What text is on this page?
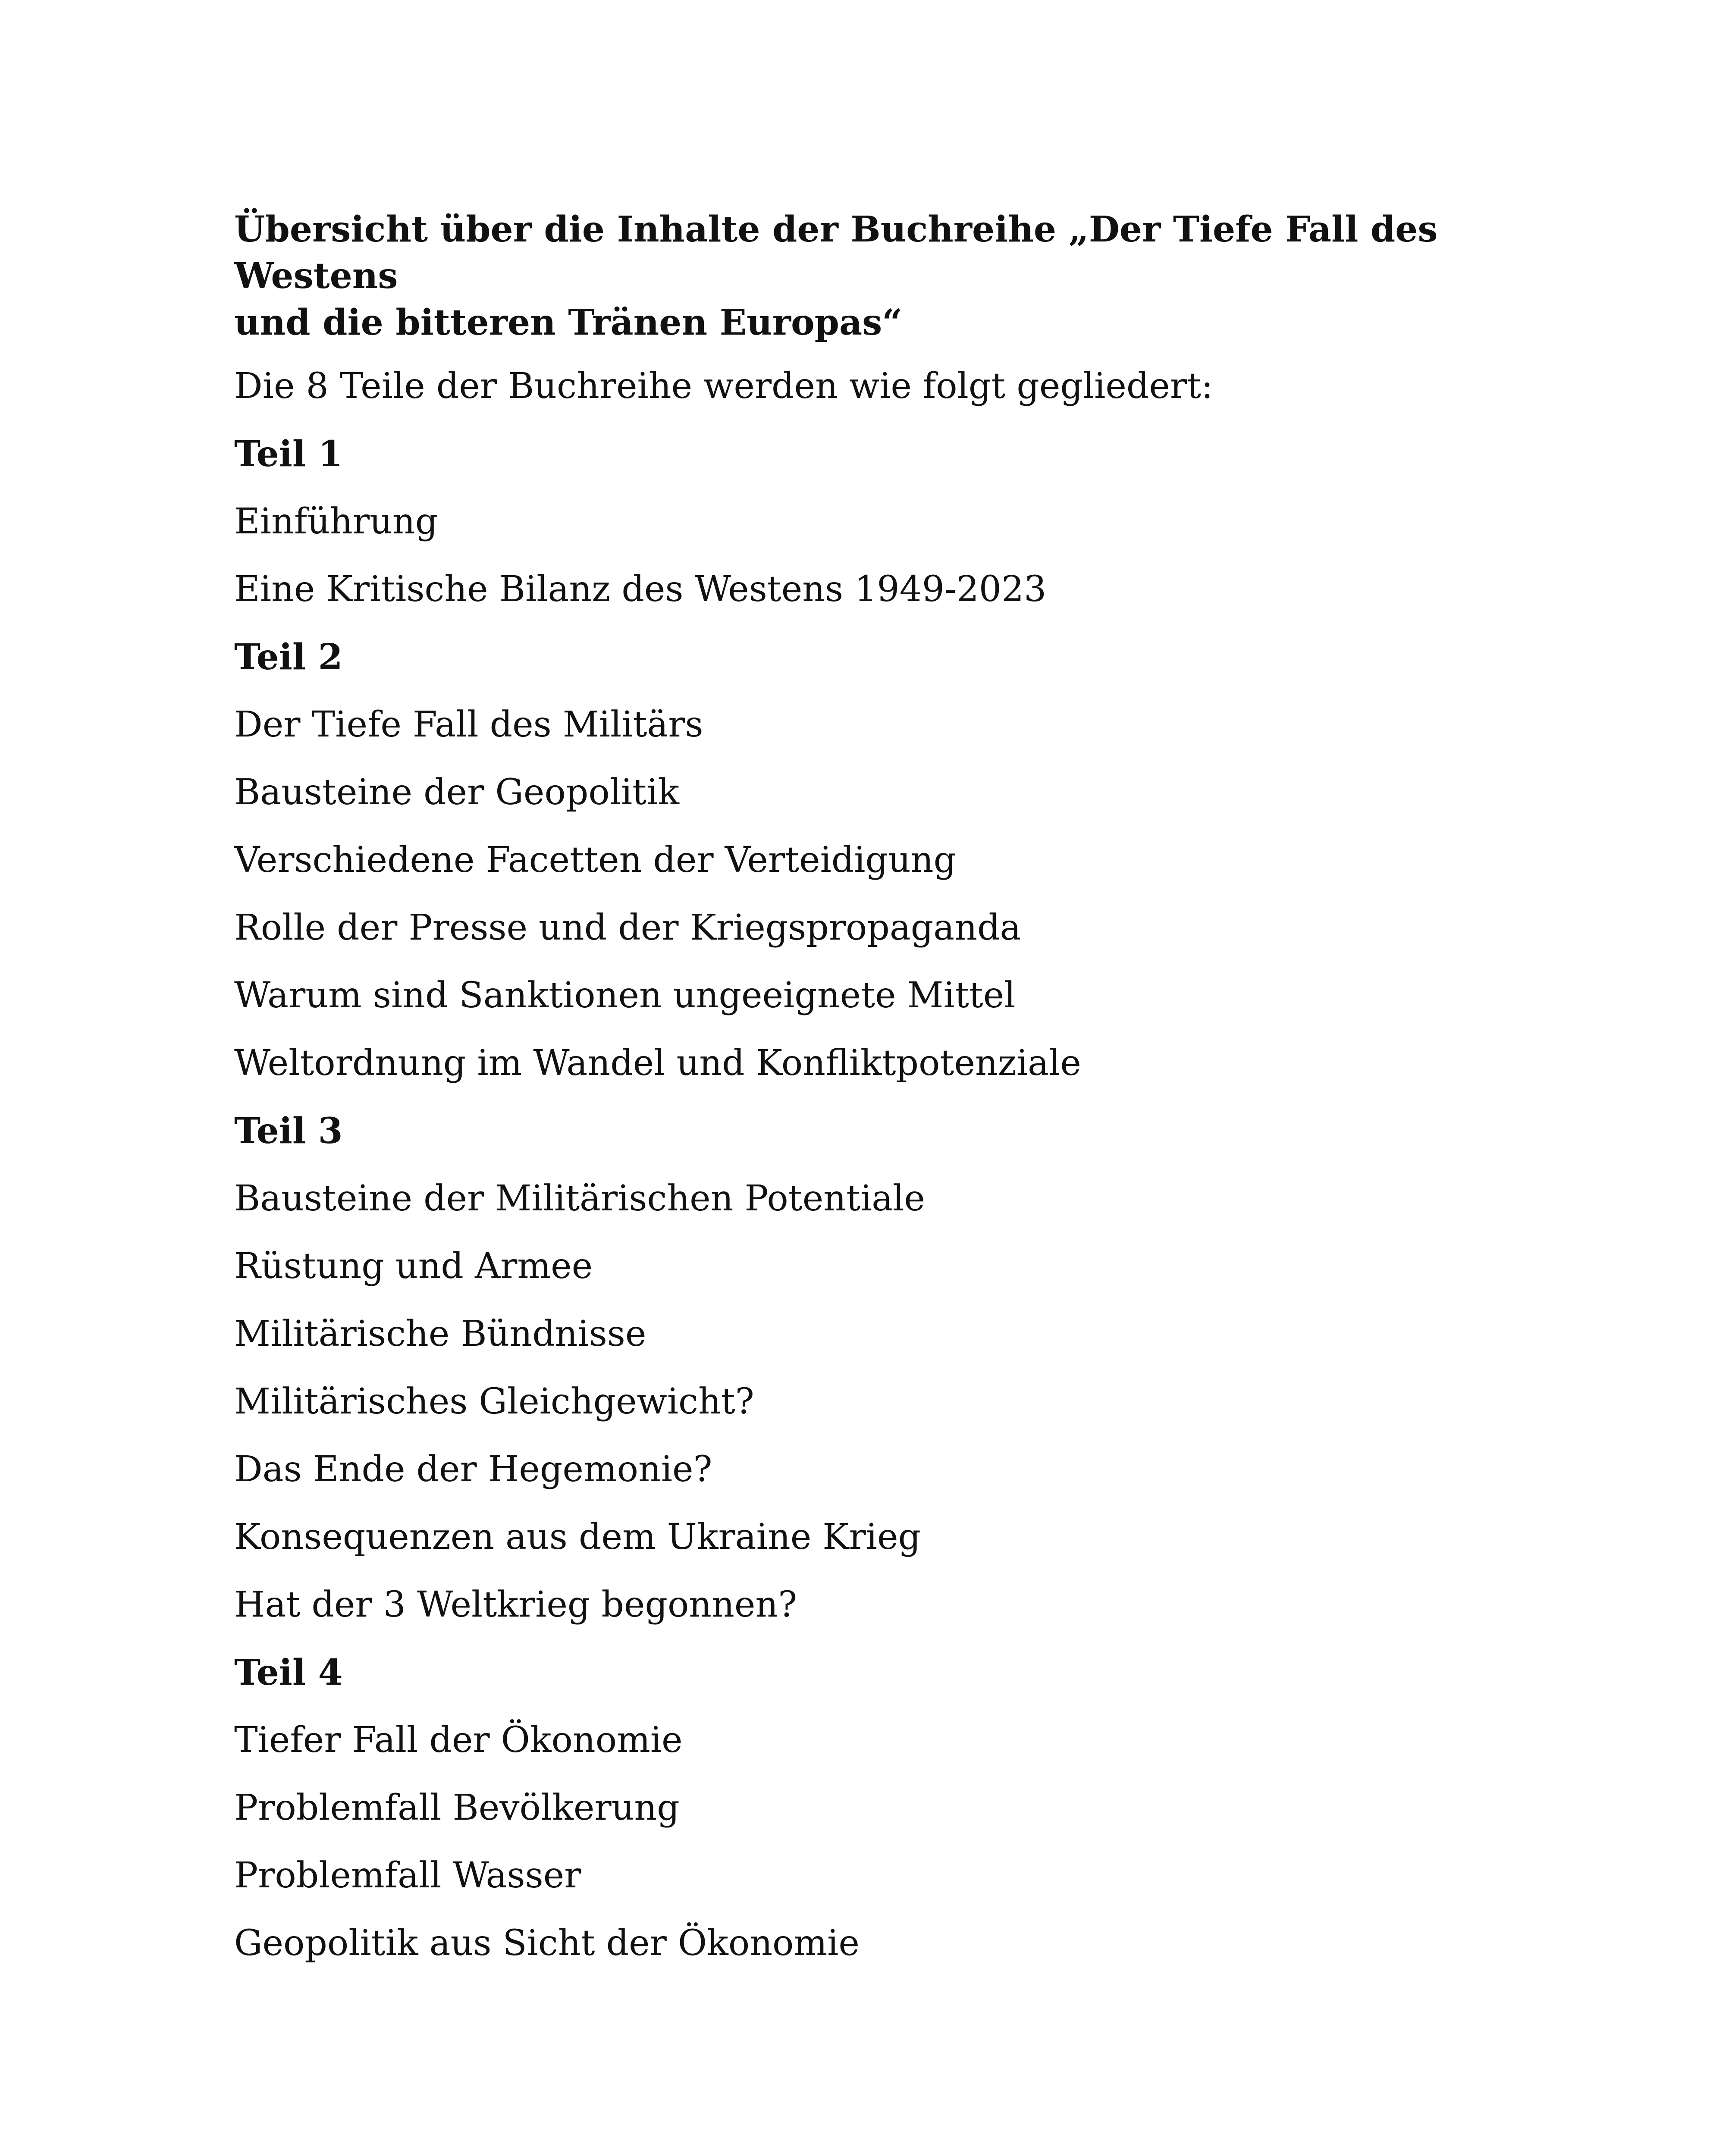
Übersicht über die Inhalte der Buchreihe „Der Tiefe Fall des Westens
und die bitteren Tränen Europas“

Die 8 Teile der Buchreihe werden wie folgt gegliedert:

Teil 1

Einführung

Eine Kritische Bilanz des Westens 1949-2023

Teil 2

Der Tiefe Fall des Militärs

Bausteine der Geopolitik

Verschiedene Facetten der Verteidigung

Rolle der Presse und der Kriegspropaganda

Warum sind Sanktionen ungeeignete Mittel

Weltordnung im Wandel und Konfliktpotenziale

Teil 3

Bausteine der Militärischen Potentiale

Rüstung und Armee

Militärische Bündnisse

Militärisches Gleichgewicht?

Das Ende der Hegemonie?

Konsequenzen aus dem Ukraine Krieg

Hat der 3 Weltkrieg begonnen?

Teil 4

Tiefer Fall der Ökonomie

Problemfall Bevölkerung

Problemfall Wasser

Geopolitik aus Sicht der Ökonomie
